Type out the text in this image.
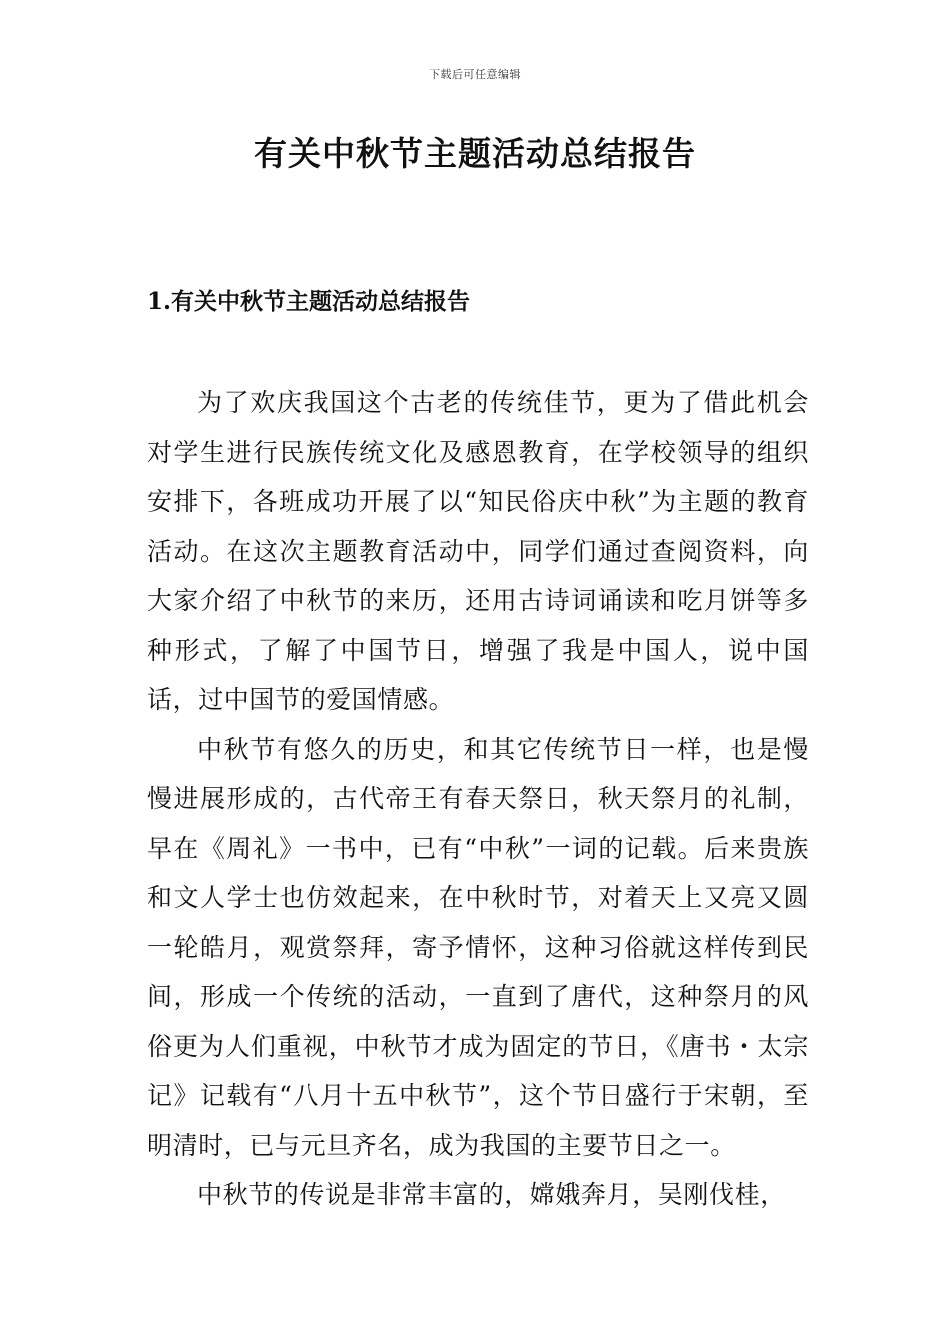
下载后可任意编辑
有关中秋节主题活动总结报告
1.有关中秋节主题活动总结报告

为了欢庆我国这个古老的传统佳节，更为了借此机会对学生进行民族传统文化及感恩教育，在学校领导的组织安排下，各班成功开展了以“知民俗庆中秋”为主题的教育活动。在这次主题教育活动中，同学们通过查阅资料，向大家介绍了中秋节的来历，还用古诗词诵读和吃月饼等多种形式，了解了中国节日，增强了我是中国人，说中国话，过中国节的爱国情感。

中秋节有悠久的历史，和其它传统节日一样，也是慢慢进展形成的，古代帝王有春天祭日，秋天祭月的礼制，早在《周礼》一书中，已有“中秋”一词的记载。后来贵族和文人学士也仿效起来，在中秋时节，对着天上又亮又圆一轮皓月，观赏祭拜，寄予情怀，这种习俗就这样传到民间，形成一个传统的活动，一直到了唐代，这种祭月的风俗更为人们重视，中秋节才成为固定的节日，《唐书・太宗记》记载有“八月十五中秋节”，这个节日盛行于宋朝，至明清时，已与元旦齐名，成为我国的主要节日之一。

中秋节的传说是非常丰富的，嫦娥奔月，吴刚伐桂，
